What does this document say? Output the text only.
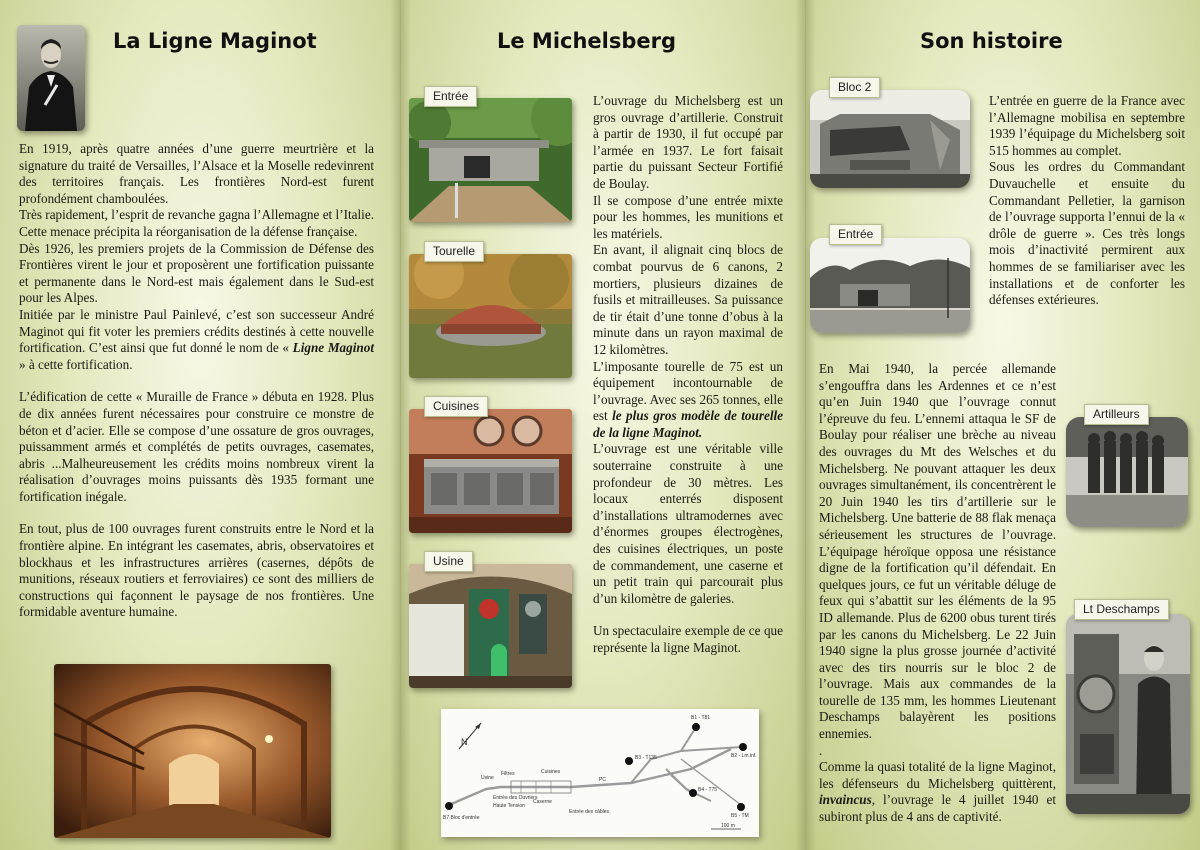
La Ligne Maginot

En 1919, après quatre années d’une guerre meurtrière et la signature du traité de Versailles, l’Alsace et la Moselle redevinrent des territoires français. Les frontières Nord-est furent profondément chamboulées.

Très rapidement, l’esprit de revanche gagna l’Allemagne et l’Italie. Cette menace précipita la réorganisation de la défense française.

Dès 1926, les premiers projets de la Commission de Défense des Frontières virent le jour et proposèrent une fortification puissante et permanente dans le Nord-est mais également dans le Sud-est pour les Alpes.

Initiée par le ministre Paul Painlevé, c’est son successeur André Maginot qui fit voter les premiers crédits destinés à cette nouvelle fortification. C’est ainsi que fut donné le nom de « Ligne Maginot » à cette fortification.

L’édification de cette « Muraille de France » débuta en 1928. Plus de dix années furent nécessaires pour construire ce monstre de béton et d’acier. Elle se compose d’une ossature de gros ouvrages, puissamment armés et complétés de petits ouvrages, casemates, abris ...Malheureusement les crédits moins nombreux virent la réalisation d’ouvrages moins puissants dès 1935 formant une fortification inégale.

En tout, plus de 100 ouvrages furent construits entre le Nord et la frontière alpine. En intégrant les casemates, abris, observatoires et blockhaus et les infrastructures arrières (casernes, dépôts de munitions, réseaux routiers et ferroviaires) ce sont des milliers de constructions qui façonnent le paysage de nos frontières. Une formidable aventure humaine.

Le Michelsberg
Entrée
Tourelle
Cuisines
Usine

L’ouvrage du Michelsberg est un gros ouvrage d’artillerie. Construit à partir de 1930, il fut occupé par l’armée en 1937. Le fort faisait partie du puissant Secteur Fortifié de Boulay.

Il se compose d’une entrée mixte pour les hommes, les munitions et les matériels.

En avant, il alignait cinq blocs de combat pourvus de 6 canons, 2 mortiers, plusieurs dizaines de fusils et mitrailleuses. Sa puissance de tir était d’une tonne d’obus à la minute dans un rayon maximal de 12 kilomètres.

L’imposante tourelle de 75 est un équipement incontournable de l’ouvrage. Avec ses 265 tonnes, elle est le plus gros modèle de tourelle de la ligne Maginot.

L’ouvrage est une véritable ville souterraine construite à une profondeur de 30 mètres. Les locaux enterrés disposent d’installations ultramodernes avec d’énormes groupes électrogènes, des cuisines électriques, un poste de commandement, une caserne et un petit train qui parcourait plus d’un kilomètre de galeries.

Un spectaculaire exemple de ce que représente la ligne Maginot.

N
B1 - T81
B2 - Lm.inf.
B3 - T135
B4 - T75
B5 - TM
B7 Bloc d'entrée
Usine
Filtres	Cuisines
Caserne
PC
Entrée des Ouvriers
Haute Tension
Entrée des câbles
100 m
Son histoire
Bloc 2
Entrée
Artilleurs
Lt Deschamps

L’entrée en guerre de la France avec l’Allemagne mobilisa en septembre 1939 l’équipage du Michelsberg soit 515 hommes au complet.

Sous les ordres du Commandant Duvauchelle et ensuite du Commandant Pelletier, la garnison de l’ouvrage supporta l’ennui de la « drôle de guerre ». Ces très longs mois d’inactivité permirent aux hommes de se familiariser avec les installations et de conforter les défenses extérieures.

En Mai 1940, la percée allemande s’engouffra dans les Ardennes et ce n’est qu’en Juin 1940 que l’ouvrage connut l’épreuve du feu. L’ennemi attaqua le SF de Boulay pour réaliser une brèche au niveau des ouvrages du Mt des Welsches et du Michelsberg. Ne pouvant attaquer les deux ouvrages simultanément, ils concentrèrent le 20 Juin 1940 les tirs d’artillerie sur le Michelsberg. Une batterie de 88 flak menaça sérieusement les structures de l’ouvrage. L’équipage héroïque opposa une résistance digne de la fortification qu’il défendait. En quelques jours, ce fut un véritable déluge de feux qui s’abattit sur les éléments de la 95 ID allemande. Plus de 6200 obus turent tirés par les canons du Michelsberg. Le 22 Juin 1940 signe la plus grosse journée d’activité avec des tirs nourris sur le bloc 2 de l’ouvrage. Mais aux commandes de la tourelle de 135 mm, les hommes Lieutenant Deschamps balayèrent les positions ennemies.

.

Comme la quasi totalité de la ligne Maginot, les défenseurs du Michelsberg quittèrent, invaincus, l’ouvrage le 4 juillet 1940 et subiront plus de 4 ans de captivité.
